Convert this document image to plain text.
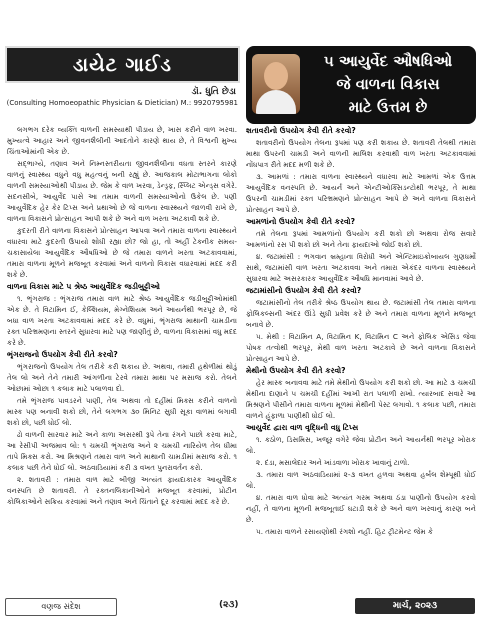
ડાયેટ ગાઈડ
ડૉ. ધુતિ છેડા
(Consulting Homoeopathic Physician & Dietician) M.: 9920795981
૫ આયુર્વેદ ઔષધિઓ
જે વાળના વિકાસ
માટે ઉત્તમ છે

લગભગ દરેક વ્યક્તિ વાળની સમસ્યાથી પીડાય છે, ખાસ કરીને વાળ ખરવા. મુખ્યત્વે આહાર અને જીવનશૈલીની આદતોને કારણે થાય છે, તે વિશ્વની મુખ્ય ચિંતાઓમાંની એક છે.

સદ્‌ભાગ્યે, તણાવ અને નિમ્નસ્તરીયતા જીવનશૈલીના વધતા સ્તરને કારણે વાળનું સ્વાસ્થ્ય વધુને વધુ મહત્વનું બની રહ્યું છે. આજકાલ મોટાભાગના લોકો વાળની સમસ્યાઓથી પીડાય છે. જેમ કે વાળ ખરવા, ડેન્ડ્રફ, સ્પ્લિટ એન્ડ્સ વગેરે. સદનસીબે, આયુર્વેદ પાસે આ તમામ વાળની સમસ્યાઓનો ઉકેલ છે. પણી આયુર્વેદિક હેર કેર ટિપ્સ અને પ્રથાઓ છે જે વાળના સ્વાસ્થ્યને જાળવી રાખે છે, વાળના વિકાસને પ્રોત્સાહન આપી શકે છે અને વાળ ખરતા અટકાવી શકે છે.

કુદરતી રીતે વાળના વિકાસને પ્રોત્સાહન આપવા અને તમારા વાળના સ્વાસ્થ્યને વધારવા માટે કુદરતી ઉપાયો શોધી રહ્યા છો? જો હા, તો અહીં ટેક્નીક સમય-ચકાસાયેલા આયુર્વેદિક ઔષધિઓ છે જે તમારા વાળને ખરતા અટકાવવામાં, તમારા વાળના મૂળને મજબૂત કરવામાં અને વાળનો વિકાસ વધારવામાં મદદ કરી શકે છે.

વાળના વિકાસ માટે ૫ શ્રેષ્ઠ આયુર્વેદિક જડીબુટ્ટીઓ

૧. ભૃંગરાજ : ભૃંગરાજ તમારા વાળ માટે શ્રેષ્ઠ આયુર્વેદિક જડીબુટ્ટીઓમાંથી એક છે. તે વિટામિન ઈ, કેલ્શિયમ, મેગ્નેશિયમ અને આયર્નથી ભરપૂર છે, જે બધા વાળ ખરતા અટકાવવામાં મદદ કરે છે. વધુમાં, ભૃંગરાજ માથાની ચામડીના રક્ત પરિભ્રમણના સ્તરને સુધારવા માટે પણ જાણીતું છે, વાળના વિકાસમાં વધુ મદદ કરે છે.

ભૃંગરાજનો ઉપયોગ કેવી રીતે કરવો?

ભૃંગરાજનો ઉપયોગ તેલ તરીકે કરી શકાય છે. અથવા, તમારી હથેળીમાં થોડું તેલ લો અને તેને તમારી આંગળીના ટેરવે તમારા માથા પર મસાજ કરો. તેલને ઓછામાં ઓછા ૧ કલાક માટે પલાળવા દો.

તમે ભૃંગરાજ પાવડરને પાણી, તેલ અથવા તો દહીંમાં મિક્સ કરીને વાળનો માસ્ક પણ બનાવી શકો છો, તેને લગભગ ૩૦ મિનિટ સુધી સૂકા વાળમાં લગાવી શકો છો, પછી ધોઈ લો.

ઢો વાળની સારવાર માટે અને કાળા અસરથી રૂપે તેના રંગને પાછો કરવા માટે, આ રેસીપી અજમાવ લો: ૧ ચમચી ભૃંગરાજ અને ૨ ચમચી નારિયેળ તેલ ધીમા તાપે મિક્સ કરો. આ મિશ્રણને તમારા વાળ અને માથાની ચામડીમાં મસાજ કરો. ૧ કલાક પછી તેને ધોઈ લો. અઠવાડિયામાં કરી ૩ વખત પુનરાવર્તન કરો.

૨. શતાવરી : તમારા વાળ માટે બીજી અત્યંત ફાયદાકારક આયુર્વેદિક વનસ્પતિ છે શતાવરી. તે રક્તનલિકાનીઓને મજબૂત કરવામાં, પ્રોટીન કોલિકાઓને સક્રિય કરવામાં અને તણાવ અને ચિંતાને દૂર કરવામાં મદદ કરે છે.

શતાવરીનો ઉપયોગ કેવી રીતે કરવો?

શતાવરીનો ઉપયોગ તેલના રૂપમાં પણ કરી શકાય છે. શતાવરી તેલથી તમારા માથા ઉપરની ચામડી અને વાળની માલિશ કરવાથી વાળ ખરતા અટકાવવામાં નોંધપાત્ર રીતે મદદ મળી શકે છે.

૩. આમળાં : તમારા વાળના સ્વાસ્થ્યને વધારવા માટે આમળાં એક ઉત્તમ આયુર્વેદિક વનસ્પતિ છે. આયર્ન અને એન્ટીઓક્સિડન્ટોથી ભરપૂર, તે માથા ઉપરની ચામડીમાં રક્ત પરિભ્રમણને પ્રોત્સાહન આપે છે અને વાળના વિકાસને પ્રોત્સાહન આપે છે.

આમળાંનો ઉપયોગ કેવી રીતે કરવો?

તમે તેલના રૂપમાં આમળાંનો ઉપયોગ કરી શકો છો અથવા રોજ સવારે આમળાંનો રસ પી શકો છો અને તેના ફાયદાઓ જોઈ શકો છો.

૪. જટામાંસી : ભગવાન બ્રમ્હાના વિરોધી અને એન્ટિમાઇક્રોબાયલ ગુણધર્મો સાથે, જટામાંસી વાળ ખરતા અટકાવવા અને તમારા એકંદર વાળના સ્વાસ્થ્યને સુધારવા માટે અસરકારક આયુર્વેદિક ઔષધિ માનવામાં આવે છે.

જટામાંસીનો ઉપયોગ કેવી રીતે કરવો?

જટામાંસીનો તેલ તરીકે શ્રેષ્ઠ ઉપયોગ થાય છે. જટામાંસી તેલ તમારા વાળના ફોલિકલ્સની અંદર ઊંડે સુધી પ્રવેશ કરે છે અને તમારા વાળના મૂળને મજબૂત બનાવે છે.

૫. મેથી : વિટામિન A, વિટામિન K, વિટામિન C અને ફોલિક એસિડ જેવા પોષક તત્વોથી ભરપૂર, મેથી વાળ ખરતા અટકાવે છે અને વાળના વિકાસને પ્રોત્સાહન આપે છે.

મેથીનો ઉપયોગ કેવી રીતે કરવો?

હેર માસ્ક બનાવવા માટે તમે મેથીનો ઉપયોગ કરી શકો છો. આ માટે ૩ ચમચી મેથીના દાણાને ૫ ચમચી દહીંમાં આખી રાત પલાળી રાખો. ત્યારબાદ સવારે આ મિશ્રણને પીસીને તમારા વાળના મૂળમાં મેથીની પેસ્ટ લગાવો. ૧ કલાક પછી, તમારા વાળને હૂંફાળા પાણીથી ધોઈ લો.

આયુર્વેદ દ્વારા વાળ વૃદ્ધિની વધુ ટિપ્સ

૧. કઠોળ, ડિસમિસ, ખજૂર વગેરે જેવા પ્રોટીન અને આયર્નથી ભરપૂર ખોરાક લો.

૨. દંડા, મસાલેદાર અને ખાંડવાળા ખોરાક ખાવાનું ટાળો.

૩. તમારા વાળ અઠવાડિયામાં ૨-૩ વખત હળવા અથવા હર્બલ શેમ્પૂથી ધોઈ લો.

૪. તમારા વાળ ધોવા માટે અત્યંત ગરમ અથવા ઠંડા પાણીનો ઉપયોગ કરવો નહીં, તે વાળના મૂળની મજબૂતાઈ ઘટાડી શકે છે અને વાળ ખરવાનું કારણ બને છે.

૫. તમારા વાળને રસાયણોથી રંગશો નહીં. હિટ ટ્રીટમેન્ટ જેમ કે

વણજ સંદેશ	(૨૩)	માર્ચ, ૨૦૨૩
